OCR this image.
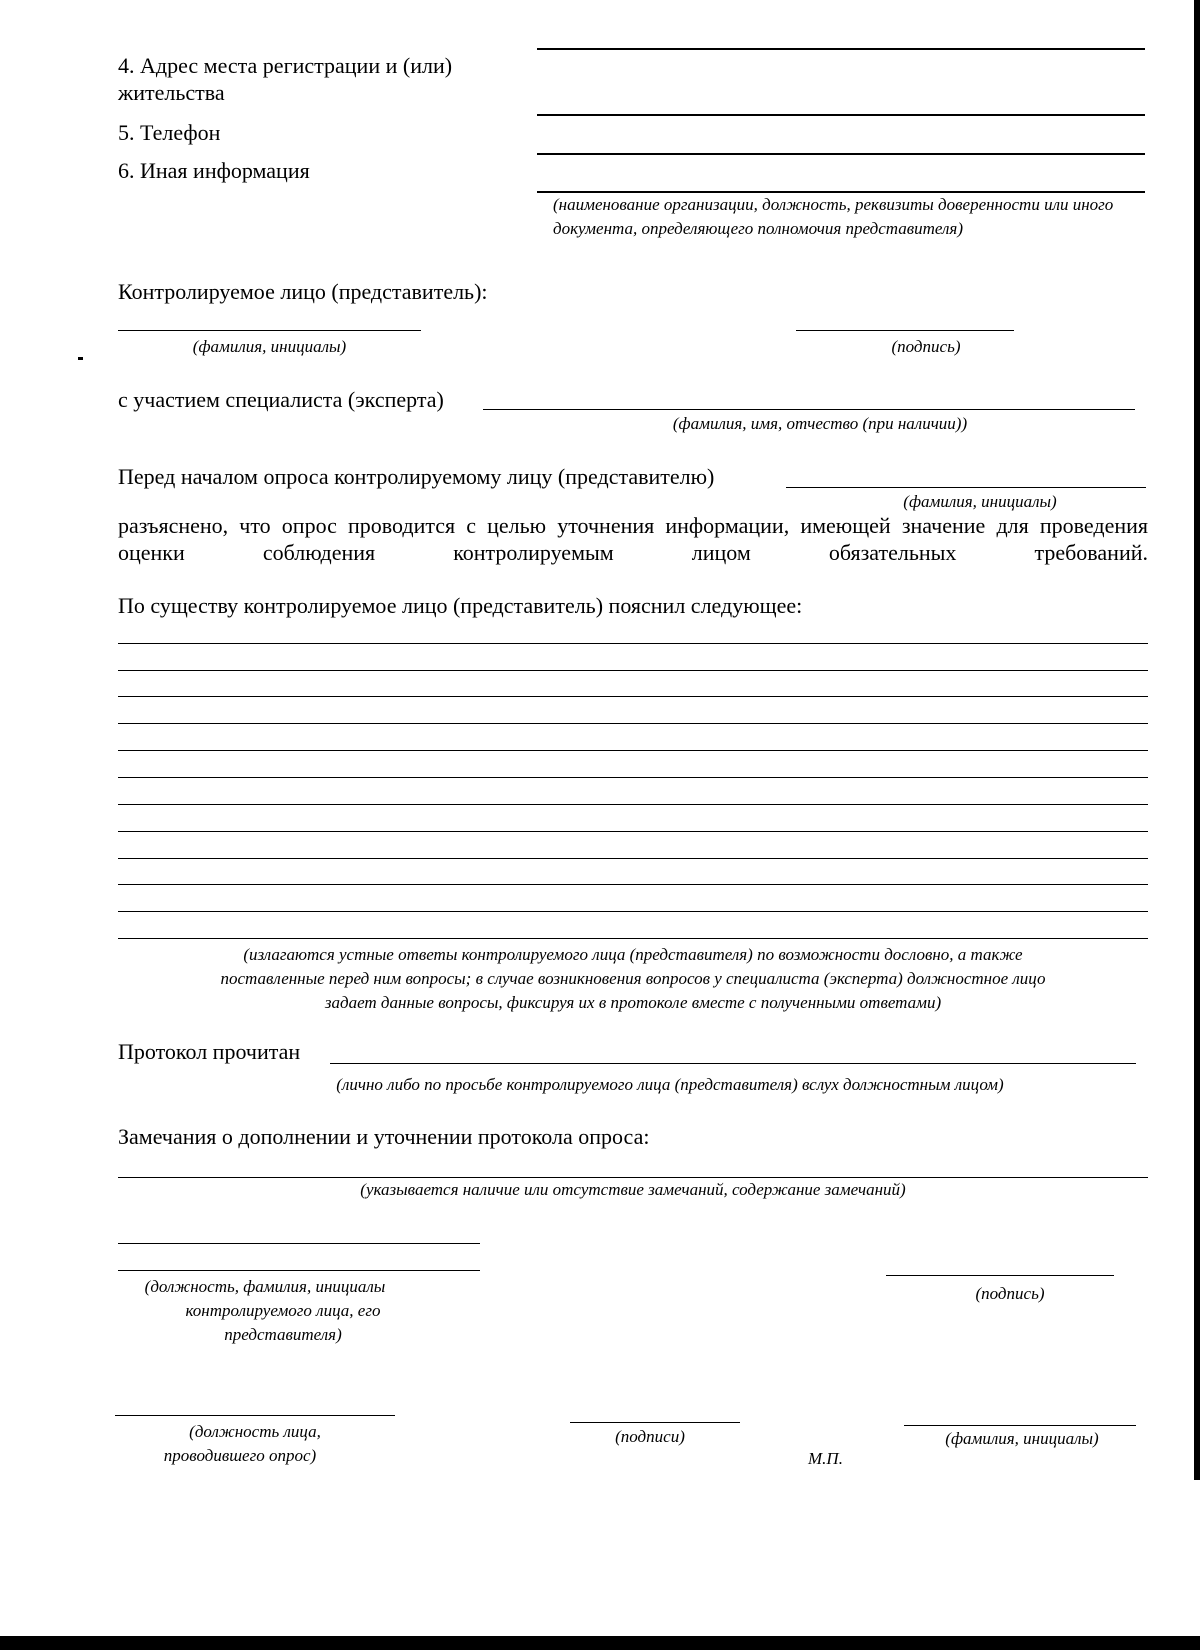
4. Адрес места регистрации и (или) жительства
5. Телефон
6. Иная информация
(наименование организации, должность, реквизиты доверенности или иного документа, определяющего полномочия представителя)
Контролируемое лицо (представитель):
(фамилия, инициалы)	(подпись)
с участием специалиста (эксперта)
(фамилия, имя, отчество (при наличии))
Перед началом опроса контролируемому лицу (представителю)
(фамилия, инициалы)
разъяснено, что опрос проводится с целью уточнения информации, имеющей значение для проведения оценки соблюдения контролируемым лицом обязательных требований.
По существу контролируемое лицо (представитель) пояснил следующее:
(излагаются устные ответы контролируемого лица (представителя) по возможности дословно, а также
поставленные перед ним вопросы; в случае возникновения вопросов у специалиста (эксперта) должностное лицо
задает данные вопросы, фиксируя их в протоколе вместе с полученными ответами)
Протокол прочитан
(лично либо по просьбе контролируемого лица (представителя) вслух должностным лицом)
Замечания о дополнении и уточнении протокола опроса:
(указывается наличие или отсутствие замечаний, содержание замечаний)
(должность, фамилия, инициалы
контролируемого лица, его
представителя)
(подпись)
(должность лица,
проводившего опрос)
(подписи)
М.П.
(фамилия, инициалы)
